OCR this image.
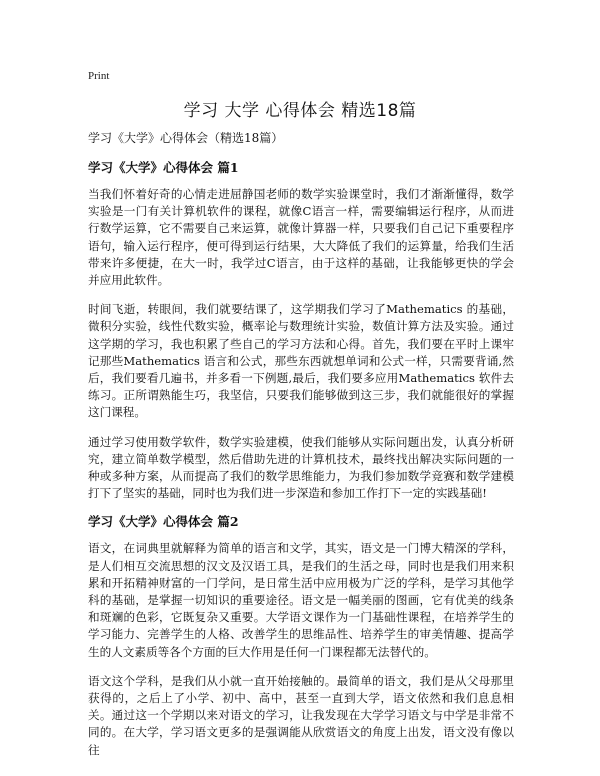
Print
学习 大学 心得体会 精选18篇

学习《大学》心得体会（精选18篇）

学习《大学》心得体会 篇1

当我们怀着好奇的心情走进屈静国老师的数学实验课堂时，我们才渐渐懂得，数学实验是一门有关计算机软件的课程，就像C语言一样，需要编辑运行程序，从而进行数学运算，它不需要自己来运算，就像计算器一样，只要我们自己记下重要程序语句，输入运行程序，便可得到运行结果，大大降低了我们的运算量，给我们生活带来许多便捷，在大一时，我学过C语言，由于这样的基础，让我能够更快的学会并应用此软件。

时间飞逝，转眼间，我们就要结课了，这学期我们学习了Mathematics 的基础，微积分实验，线性代数实验，概率论与数理统计实验，数值计算方法及实验。通过这学期的学习，我也积累了些自己的学习方法和心得。首先，我们要在平时上课牢记那些Mathematics 语言和公式，那些东西就想单词和公式一样，只需要背诵,然后，我们要看几遍书，并多看一下例题,最后，我们要多应用Mathematics 软件去练习。正所谓熟能生巧，我坚信，只要我们能够做到这三步，我们就能很好的掌握这门课程。

通过学习使用数学软件，数学实验建模，使我们能够从实际问题出发，认真分析研究，建立简单数学模型，然后借助先进的计算机技术，最终找出解决实际问题的一种或多种方案，从而提高了我们的数学思维能力，为我们参加数学竞赛和数学建模打下了坚实的基础，同时也为我们进一步深造和参加工作打下一定的实践基础!

学习《大学》心得体会 篇2

语文，在词典里就解释为简单的语言和文学，其实，语文是一门博大精深的学科，是人们相互交流思想的汉文及汉语工具，是我们的生活之母，同时也是我们用来积累和开拓精神财富的一门学问，是日常生活中应用极为广泛的学科，是学习其他学科的基础，是掌握一切知识的重要途径。语文是一幅美丽的图画，它有优美的线条和斑斓的色彩，它既复杂又重要。大学语文课作为一门基础性课程，在培养学生的学习能力、完善学生的人格、改善学生的思维品性、培养学生的审美情趣、提高学生的人文素质等各个方面的巨大作用是任何一门课程都无法替代的。

语文这个学科，是我们从小就一直开始接触的。最简单的语文，我们是从父母那里获得的，之后上了小学、初中、高中，甚至一直到大学，语文依然和我们息息相关。通过这一个学期以来对语文的学习，让我发现在大学学习语文与中学是非常不同的。在大学，学习语文更多的是强调能从欣赏语文的角度上出发，语文没有像以往
